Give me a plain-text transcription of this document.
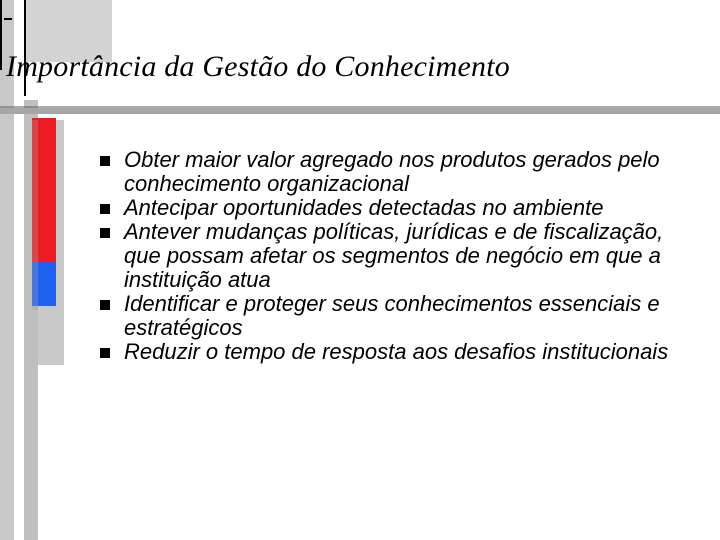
Importância da Gestão do Conhecimento
Obter maior valor agregado nos produtos gerados pelo conhecimento organizacional
Antecipar oportunidades detectadas no ambiente
Antever mudanças políticas, jurídicas e de fiscalização, que possam afetar os segmentos de negócio em que a instituição atua
Identificar e proteger seus conhecimentos essenciais e estratégicos
Reduzir o tempo de resposta aos desafios institucionais
